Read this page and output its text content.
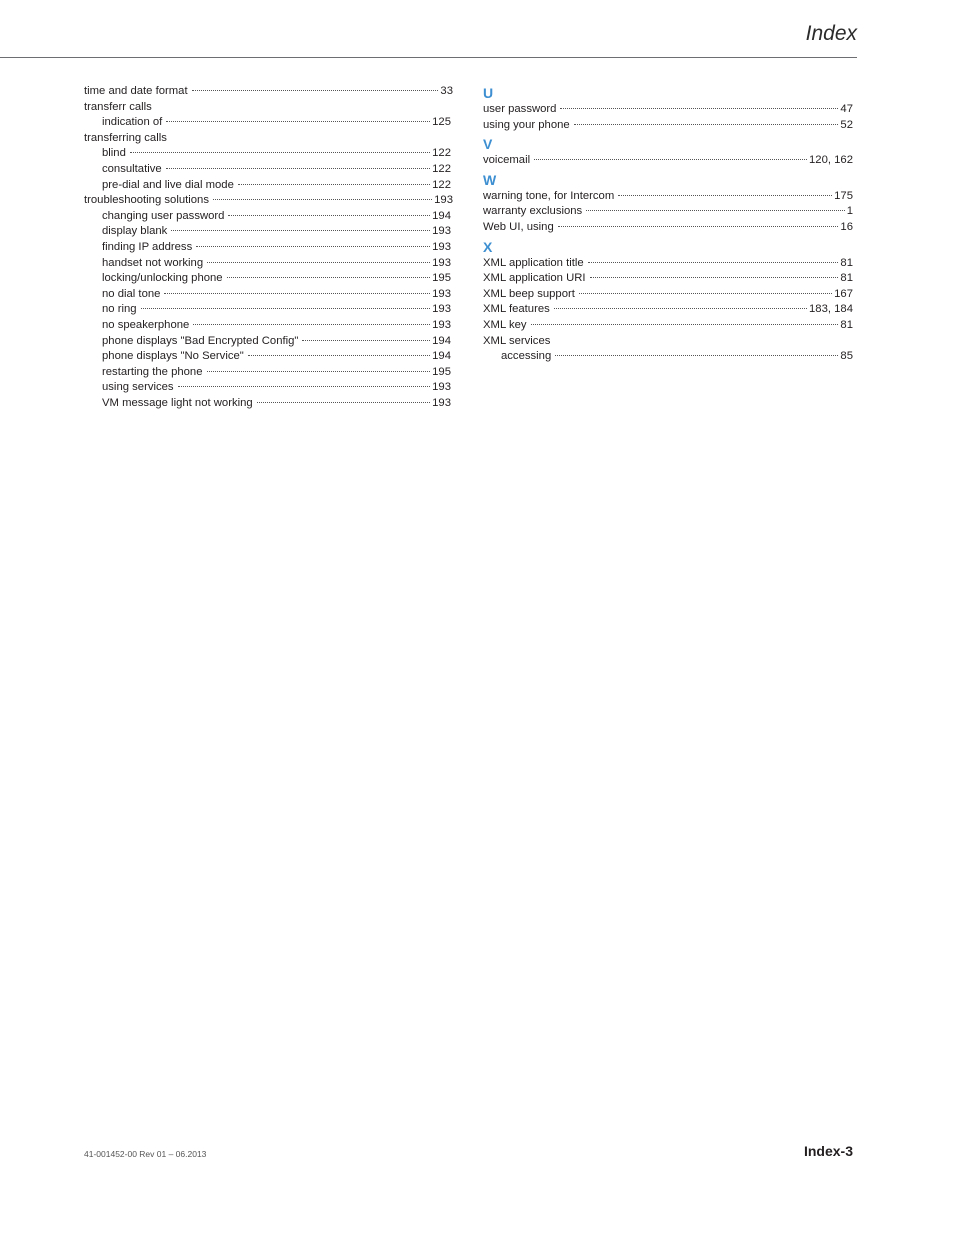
Index
time and date format	33
transferr calls
indication of	125
transferring calls
blind	122
consultative	122
pre-dial and live dial mode	122
troubleshooting solutions	193
changing user password	194
display blank	193
finding IP address	193
handset not working	193
locking/unlocking phone	195
no dial tone	193
no ring	193
no speakerphone	193
phone displays "Bad Encrypted Config"	194
phone displays "No Service"	194
restarting the phone	195
using services	193
VM message light not working	193
U
user password	47
using your phone	52
V
voicemail	120, 162
W
warning tone, for Intercom	175
warranty exclusions	1
Web UI, using	16
X
XML application title	81
XML application URI	81
XML beep support	167
XML features	183, 184
XML key	81
XML services
accessing	85
41-001452-00 Rev 01 – 06.2013	Index-3
